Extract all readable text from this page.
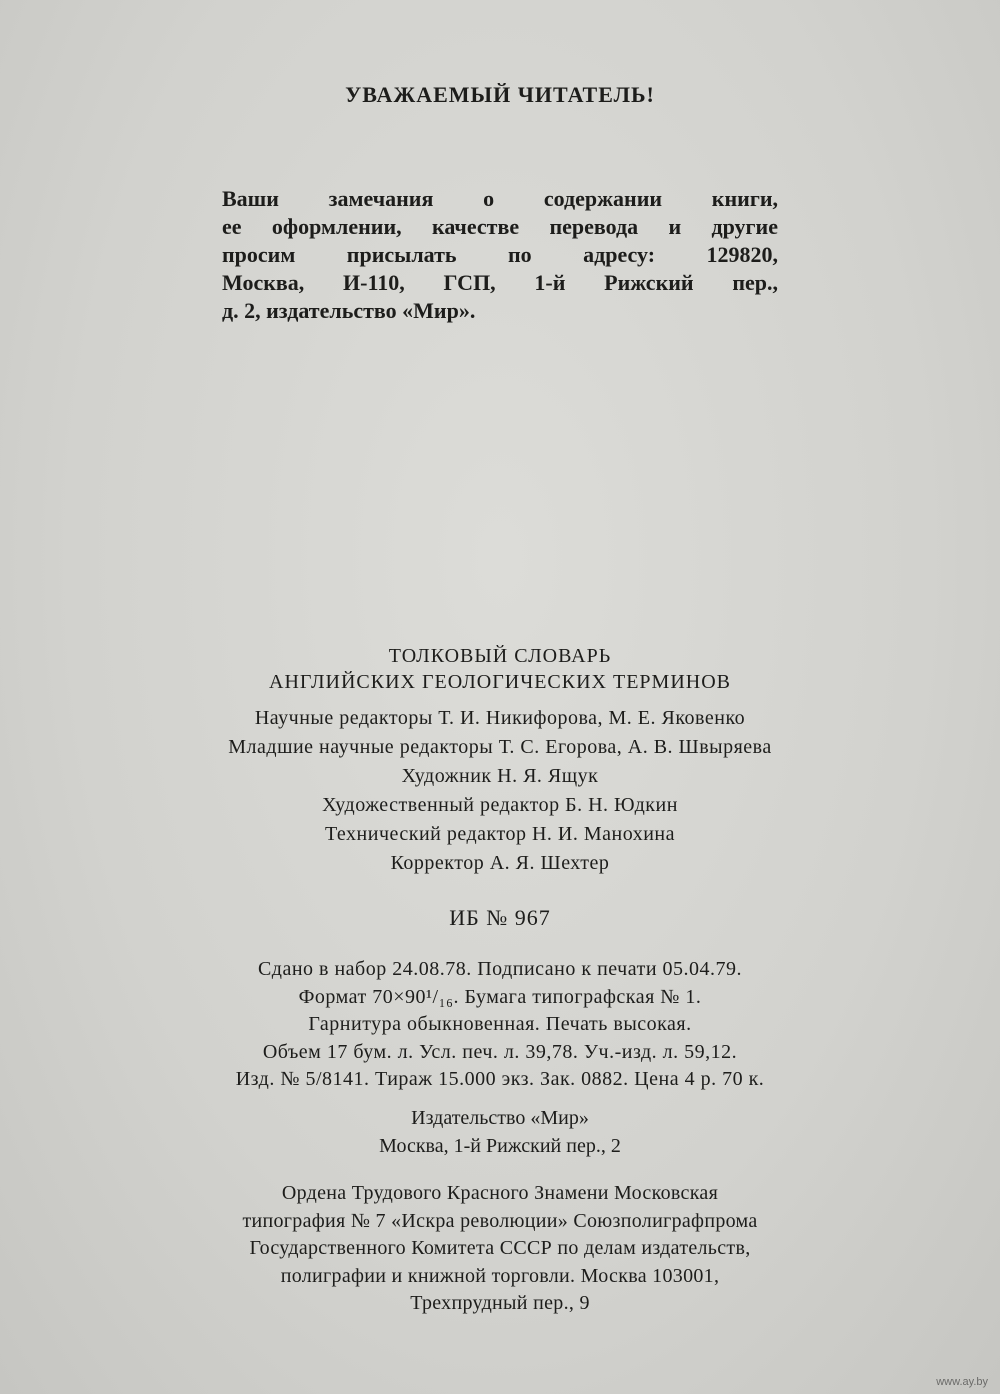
УВАЖАЕМЫЙ ЧИТАТЕЛЬ!
Ваши замечания о содержании книги,
ее оформлении, качестве перевода и другие
просим присылать по адресу: 129820,
Москва, И-110, ГСП, 1-й Рижский пер.,
д. 2, издательство «Мир».
ТОЛКОВЫЙ СЛОВАРЬ
АНГЛИЙСКИХ ГЕОЛОГИЧЕСКИХ ТЕРМИНОВ
Научные редакторы Т. И. Никифорова, М. Е. Яковенко
Младшие научные редакторы Т. С. Егорова, А. В. Швыряева
Художник Н. Я. Ящук
Художественный редактор Б. Н. Юдкин
Технический редактор Н. И. Манохина
Корректор А. Я. Шехтер
ИБ № 967
Сдано в набор 24.08.78. Подписано к печати 05.04.79.
Формат 70×90¹/₁₆. Бумага типографская № 1.
Гарнитура обыкновенная. Печать высокая.
Объем 17 бум. л. Усл. печ. л. 39,78. Уч.-изд. л. 59,12.
Изд. № 5/8141. Тираж 15.000 экз. Зак. 0882. Цена 4 р. 70 к.
Издательство «Мир»
Москва, 1-й Рижский пер., 2
Ордена Трудового Красного Знамени Московская
типография № 7 «Искра революции» Союзполиграфпрома
Государственного Комитета СССР по делам издательств,
полиграфии и книжной торговли. Москва 103001,
Трехпрудный пер., 9
www.ay.by
